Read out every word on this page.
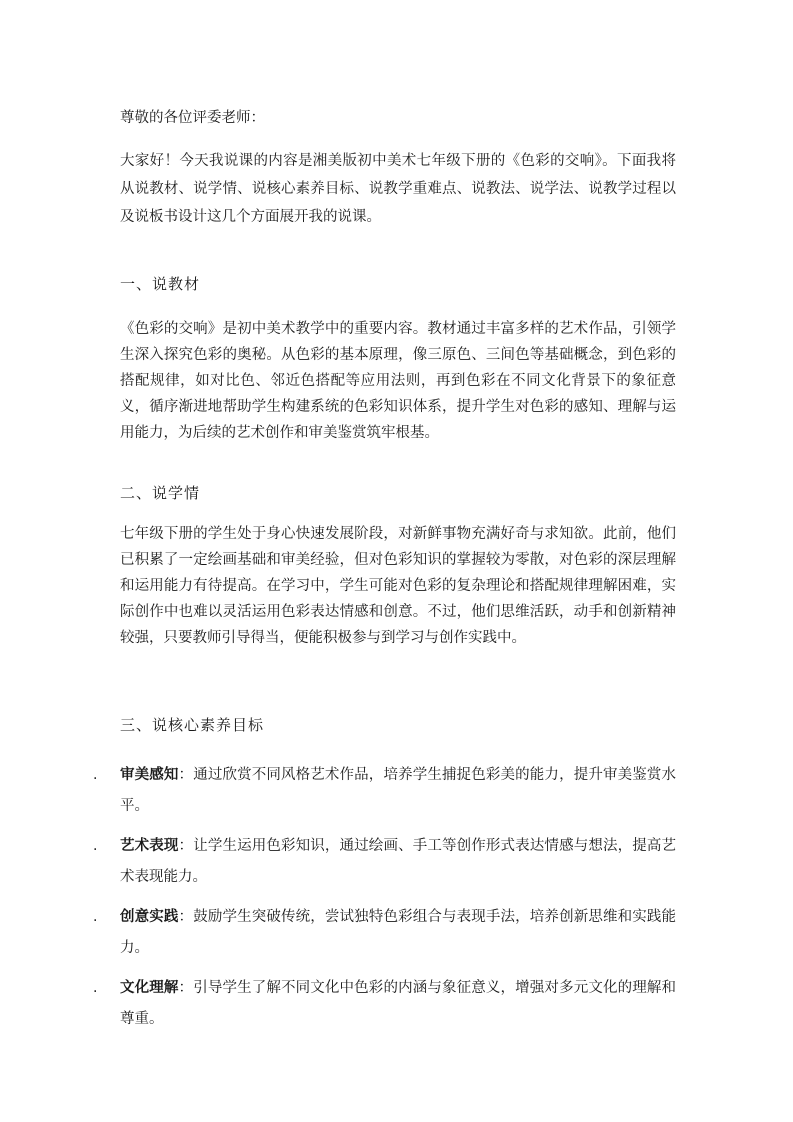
尊敬的各位评委老师：
大家好！今天我说课的内容是湘美版初中美术七年级下册的《色彩的交响》。下面我将从说教材、说学情、说核心素养目标、说教学重难点、说教法、说学法、说教学过程以及说板书设计这几个方面展开我的说课。
一、说教材
《色彩的交响》是初中美术教学中的重要内容。教材通过丰富多样的艺术作品，引领学生深入探究色彩的奥秘。从色彩的基本原理，像三原色、三间色等基础概念，到色彩的搭配规律，如对比色、邻近色搭配等应用法则，再到色彩在不同文化背景下的象征意义，循序渐进地帮助学生构建系统的色彩知识体系，提升学生对色彩的感知、理解与运用能力，为后续的艺术创作和审美鉴赏筑牢根基。
二、说学情
七年级下册的学生处于身心快速发展阶段，对新鲜事物充满好奇与求知欲。此前，他们已积累了一定绘画基础和审美经验，但对色彩知识的掌握较为零散，对色彩的深层理解和运用能力有待提高。在学习中，学生可能对色彩的复杂理论和搭配规律理解困难，实际创作中也难以灵活运用色彩表达情感和创意。不过，他们思维活跃，动手和创新精神较强，只要教师引导得当，便能积极参与到学习与创作实践中。
三、说核心素养目标
. 审美感知：通过欣赏不同风格艺术作品，培养学生捕捉色彩美的能力，提升审美鉴赏水平。
. 艺术表现：让学生运用色彩知识，通过绘画、手工等创作形式表达情感与想法，提高艺术表现能力。
. 创意实践：鼓励学生突破传统，尝试独特色彩组合与表现手法，培养创新思维和实践能力。
. 文化理解：引导学生了解不同文化中色彩的内涵与象征意义，增强对多元文化的理解和尊重。
